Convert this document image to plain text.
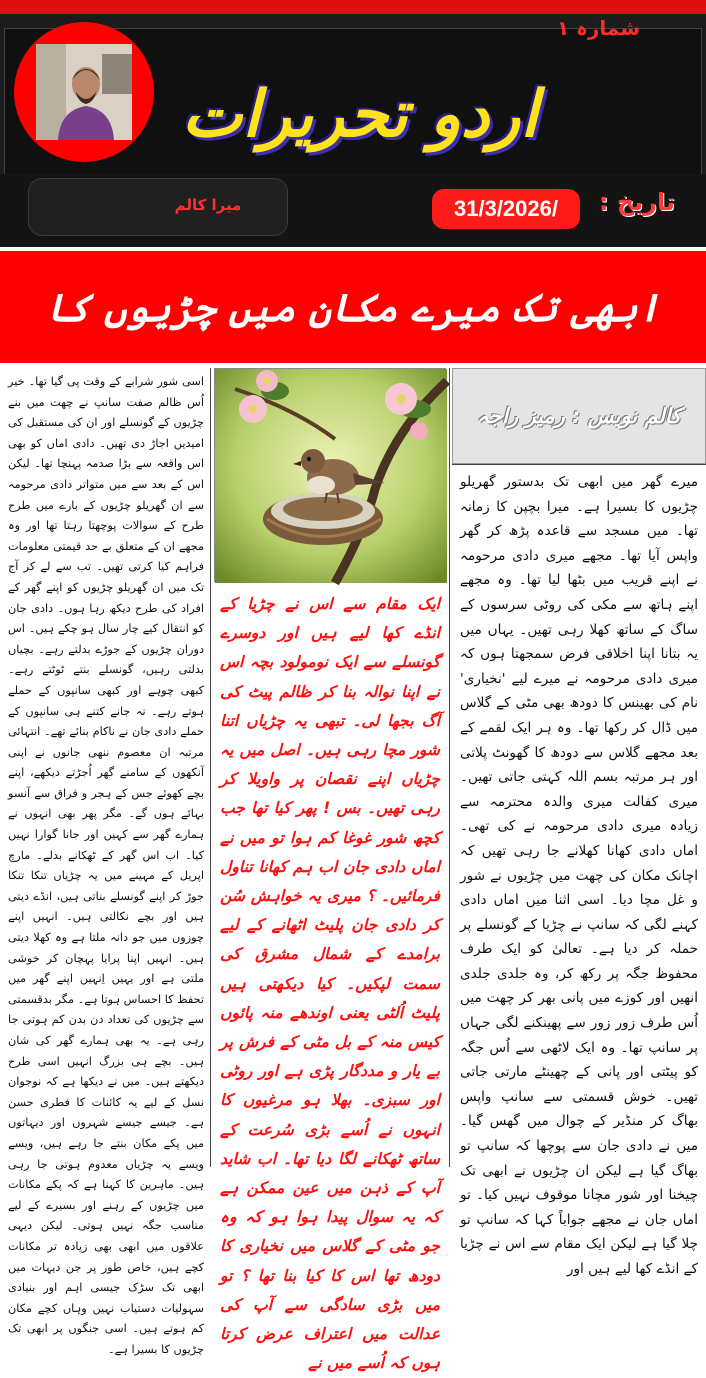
شمارہ ١
اردو تحریرات
میرا کالم	تاریخ :
31/3/2026/
ابھی تک میرے مکان میں چڑیوں کا
اسی شور شرابے کے وقت پی گیا تھا۔ خیر اُس ظالم صفت سانپ نے چھت میں بنے چڑیوں کے گونسلے اور ان کی مستقبل کی امیدیں اجاڑ دی تھیں۔ دادی اماں کو بھی اس واقعہ سے بڑا صدمہ پہنچا تھا۔ لیکن اس کے بعد سے میں متواتر دادی مرحومہ سے ان گھریلو چڑیوں کے بارے میں طرح طرح کے سوالات پوچھتا رہتا تھا اور وہ مجھے ان کے متعلق بے حد قیمتی معلومات فراہم کیا کرتی تھیں۔ تب سے لے کر آج تک میں ان گھریلو چڑیوں کو اپنے گھر کے افراد کی طرح دیکھ رہا ہوں۔ دادی جان کو انتقال کیے چار سال ہو چکے ہیں۔ اس دوران چڑیوں کے جوڑے بدلتے رہے۔ بچیاں بدلتی رہیں، گونسلے بنتے ٹوٹتے رہے۔ کبھی چوہے اور کبھی سانپوں کے حملے ہوتے رہے۔ نہ جانے کتنے ہی سانپوں کے حملے دادی جان نے ناکام بنائے تھے۔ انتہائی مرتبہ ان معصوم ننھی جانوں نے اپنی آنکھوں کے سامنے گھر اُجڑتے دیکھے، اپنے بچے کھوئے جس کے ہجر و فراق سے آنسو بہائے ہوں گے۔ مگر پھر بھی انہوں نے ہمارے گھر سے کہیں اور جانا گوارا نہیں کیا۔ اب اس گھر کے ٹھکانے بدلے۔ مارچ اپریل کے مہینے میں یہ چڑیاں تنکا تنکا جوڑ کر اپنے گونسلے بناتی ہیں، انڈے دیتی ہیں اور بچے نکالتی ہیں۔ انہیں اپنے چوزوں میں جو دانہ ملتا ہے وہ کھلا دیتی ہیں۔ انہیں اپنا پرایا پہچان کر خوشی ملتی ہے اور یہیں اِنہیں اپنے گھر میں تحفظ کا احساس ہوتا ہے۔ مگر بدقسمتی سے چڑیوں کی تعداد دن بدن کم ہوتی جا رہی ہے۔ یہ بھی ہمارے گھر کی شان ہیں۔ بچے ہی بزرگ انہیں اسی طرح دیکھتے ہیں۔ میں نے دیکھا ہے کہ نوجوان نسل کے لیے یہ کائنات کا فطری حسن ہے۔ جیسے جیسے شہروں اور دیہاتوں میں پکے مکان بنتے جا رہے ہیں، ویسے ویسے یہ چڑیاں معدوم ہوتی جا رہی ہیں۔ ماہرین کا کہنا ہے کہ پکے مکانات میں چڑیوں کے رہنے اور بسیرے کے لیے مناسب جگہ نہیں ہوتی۔ لیکن دیہی علاقوں میں ابھی بھی زیادہ تر مکانات کچے ہیں، خاص طور پر جن دیہات میں ابھی تک سڑک جیسی اہم اور بنیادی سہولیات دستیاب نہیں وہاں کچے مکان کم ہوتے ہیں۔ اسی جنگوں پر ابھی تک چڑیوں کا بسیرا ہے۔
ایک مقام سے اس نے چڑیا کے انڈے کھا لیے ہیں اور دوسرے گونسلے سے ایک نومولود بچہ اس نے اپنا نوالہ بنا کر ظالم پیٹ کی آگ بجھا لی۔ تبھی یہ چڑیاں اتنا شور مچا رہی ہیں۔ اصل میں یہ چڑیاں اپنے نقصان پر واویلا کر رہی تھیں۔ بس ! پھر کیا تھا جب کچھ شور غوغا کم ہوا تو میں نے اماں دادی جان اب ہم کھانا تناول فرمائیں۔ ؟ میری یہ خواہش سُن کر دادی جان پلیٹ اٹھانے کے لیے برامدے کے شمال مشرق کی سمت لپکیں۔ کیا دیکھتی ہیں پلیٹ اُلٹی یعنی اوندھے منہ پائوں کیس منہ کے بل مٹی کے فرش پر بے یار و مددگار پڑی ہے اور روٹی اور سبزی۔ بھلا ہو مرغیوں کا انہوں نے اُسے بڑی سُرعت کے ساتھ ٹھکانے لگا دیا تھا۔ اب شاید آپ کے ذہن میں عین ممکن ہے کہ یہ سوال پیدا ہوا ہو کہ وہ جو مٹی کے گلاس میں نخیاری کا دودھ تھا اس کا کیا بنا تھا ؟ تو میں بڑی سادگی سے آپ کی عدالت میں اعتراف عرض کرتا ہوں کہ اُسے میں نے
کالم نویس : رمیز راجہ
میرے گھر میں ابھی تک بدستور گھریلو چڑیوں کا بسیرا ہے۔ میرا بچپن کا زمانہ تھا۔ میں مسجد سے قاعدہ پڑھ کر گھر واپس آیا تھا۔ مجھے میری دادی مرحومہ نے اپنے قریب میں بٹھا لیا تھا۔ وہ مجھے اپنے ہاتھ سے مکی کی روٹی سرسوں کے ساگ کے ساتھ کھلا رہی تھیں۔ یہاں میں یہ بتانا اپنا اخلاقی فرض سمجھتا ہوں کہ میری دادی مرحومہ نے میرے لیے 'نخیاری' نام کی بھینس کا دودھ بھی مٹی کے گلاس میں ڈال کر رکھا تھا۔ وہ ہر ایک لقمے کے بعد مجھے گلاس سے دودھ کا گھونٹ پلاتی اور ہر مرتبہ بسم اللہ کہتی جاتی تھیں۔ میری کفالت میری والدہ محترمہ سے زیادہ میری دادی مرحومہ نے کی تھی۔ اماں دادی کھانا کھلانے جا رہی تھیں کہ اچانک مکان کی چھت میں چڑیوں نے شور و غل مچا دیا۔ اسی اثنا میں اماں دادی کہنے لگی کہ سانپ نے چڑیا کے گونسلے پر حملہ کر دیا ہے۔ تعالیٰ کو ایک طرف محفوظ جگہ پر رکھ کر، وہ جلدی جلدی انھیں اور کوزے میں پانی بھر کر چھت میں اُس طرف زور زور سے پھینکنے لگی جہاں پر سانپ تھا۔ وہ ایک لاٹھی سے اُس جگہ کو پیٹتی اور پانی کے چھینٹے مارتی جاتی تھیں۔ خوش قسمتی سے سانپ واپس بھاگ کر منڈیر کے چوال میں گھس گیا۔ میں نے دادی جان سے پوچھا کہ سانپ تو بھاگ گیا ہے لیکن ان چڑیوں نے ابھی تک چیخنا اور شور مچانا موقوف نہیں کیا۔ تو اماں جان نے مجھے جواباً کہا کہ سانپ تو چلا گیا ہے لیکن ایک مقام سے اس نے چڑیا کے انڈے کھا لیے ہیں اور
